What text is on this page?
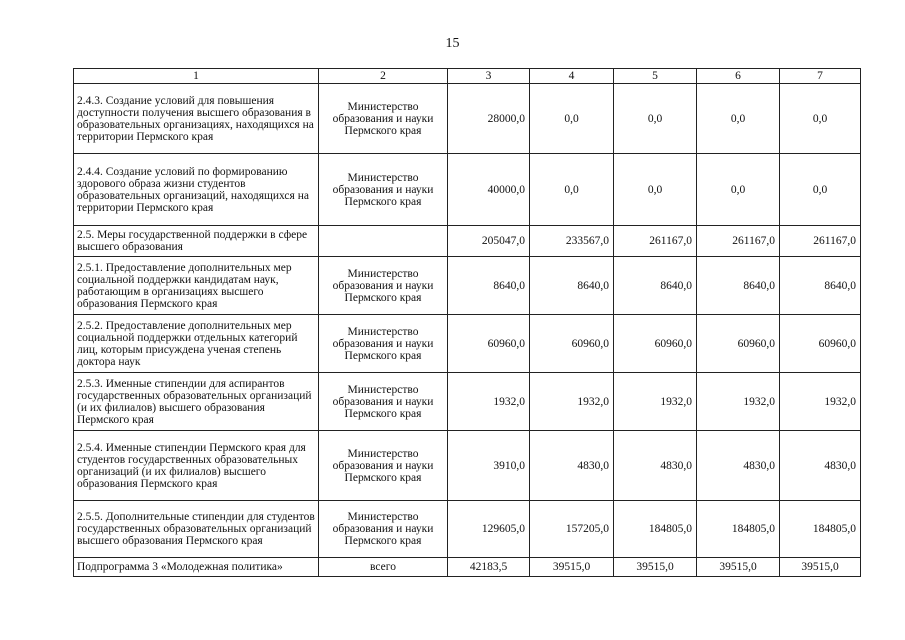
15
1	2	3	4	5	6	7
2.4.3. Создание условий для повышения доступности получения высшего образования в образовательных организациях, находящихся на территории Пермского края	Министерство образования и науки Пермского края	28000,0	0,0	0,0	0,0	0,0
2.4.4. Создание условий по формированию здорового образа жизни студентов образовательных организаций, находящихся на территории Пермского края	Министерство образования и науки Пермского края	40000,0	0,0	0,0	0,0	0,0
2.5. Меры государственной поддержки в сфере высшего образования		205047,0	233567,0	261167,0	261167,0	261167,0
2.5.1. Предоставление дополнительных мер социальной поддержки кандидатам наук, работающим в организациях высшего образования Пермского края	Министерство образования и науки Пермского края	8640,0	8640,0	8640,0	8640,0	8640,0
2.5.2. Предоставление дополнительных мер социальной поддержки отдельных категорий лиц, которым присуждена ученая степень доктора наук	Министерство образования и науки Пермского края	60960,0	60960,0	60960,0	60960,0	60960,0
2.5.3. Именные стипендии для аспирантов государственных образовательных организаций (и их филиалов) высшего образования Пермского края	Министерство образования и науки Пермского края	1932,0	1932,0	1932,0	1932,0	1932,0
2.5.4. Именные стипендии Пермского края для студентов государственных образовательных организаций (и их филиалов) высшего образования Пермского края	Министерство образования и науки Пермского края	3910,0	4830,0	4830,0	4830,0	4830,0
2.5.5. Дополнительные стипендии для студентов государственных образовательных организаций высшего образования Пермского края	Министерство образования и науки Пермского края	129605,0	157205,0	184805,0	184805,0	184805,0
Подпрограмма 3 «Молодежная политика»	всего	42183,5	39515,0	39515,0	39515,0	39515,0
